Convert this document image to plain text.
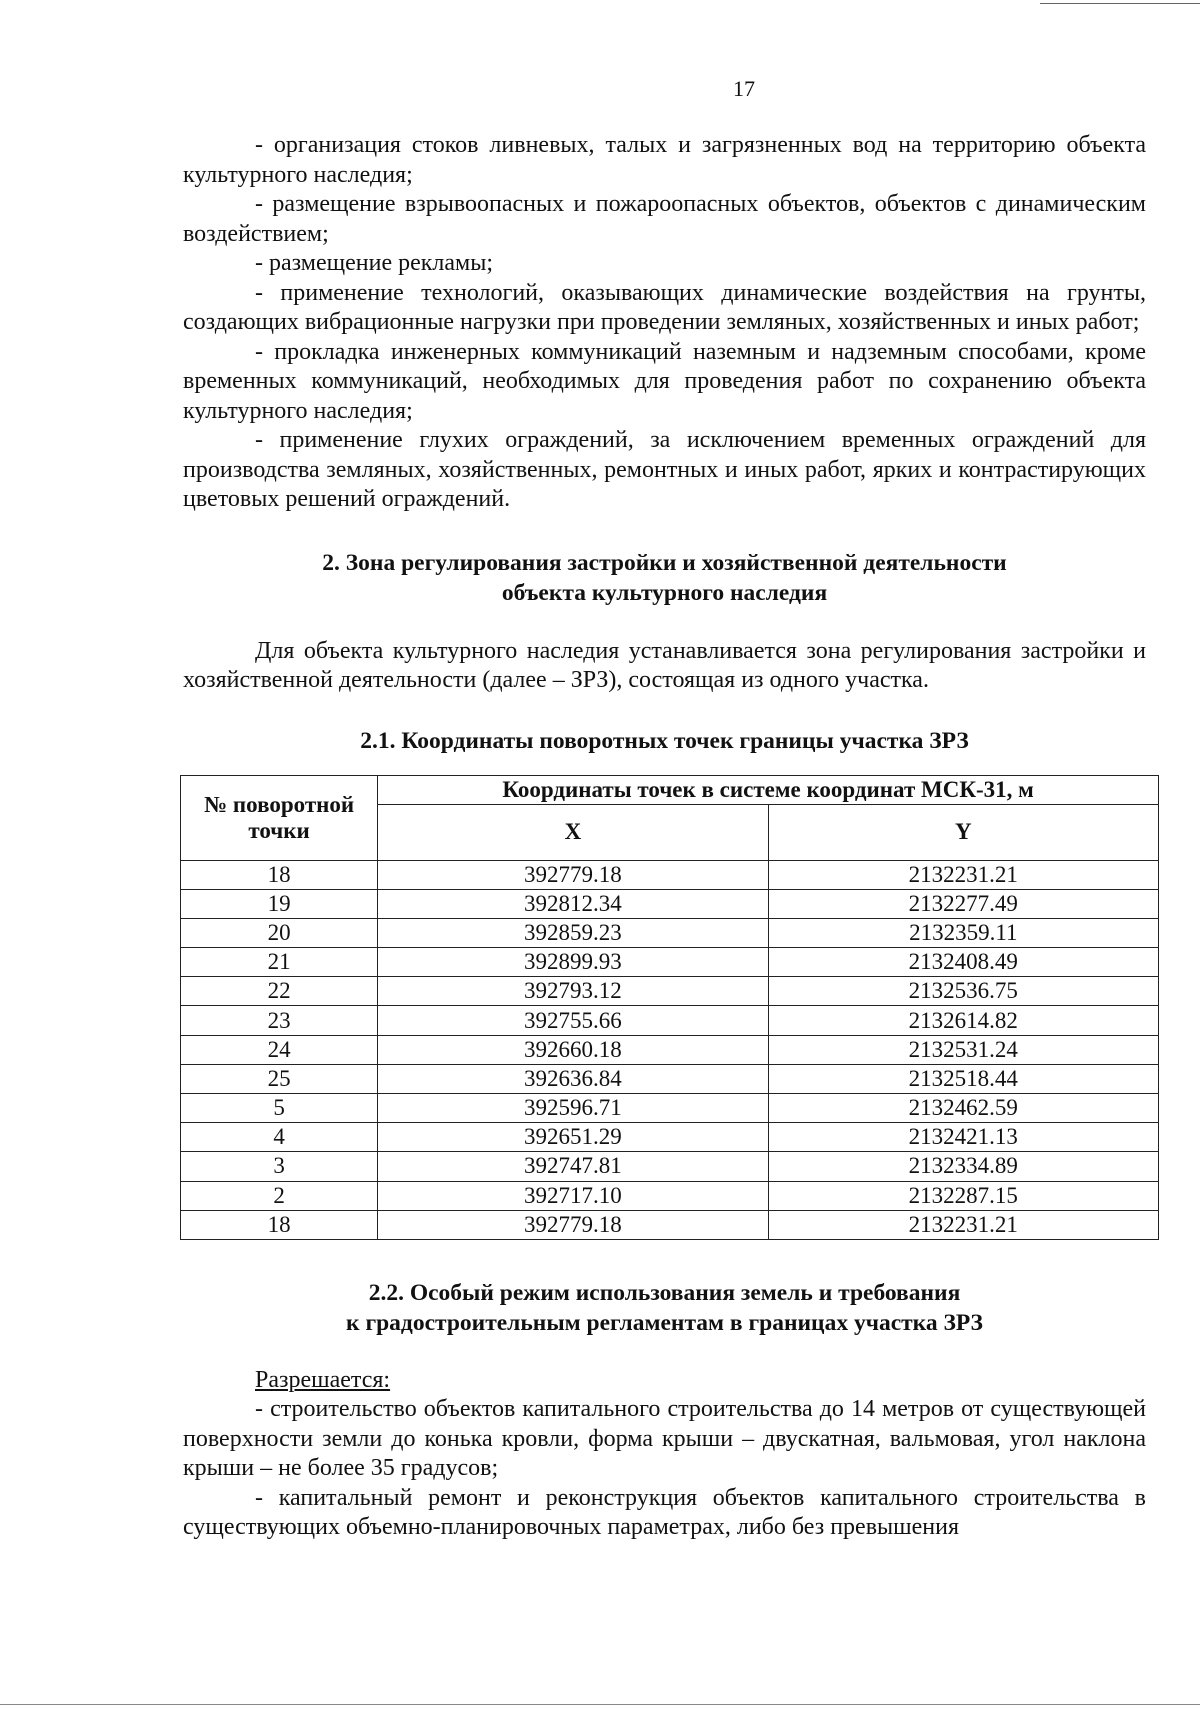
17

- организация стоков ливневых, талых и загрязненных вод на территорию объекта культурного наследия;

- размещение взрывоопасных и пожароопасных объектов, объектов с динамическим воздействием;

- размещение рекламы;

- применение технологий, оказывающих динамические воздействия на грунты, создающих вибрационные нагрузки при проведении земляных, хозяйственных и иных работ;

- прокладка инженерных коммуникаций наземным и надземным способами, кроме временных коммуникаций, необходимых для проведения работ по сохранению объекта культурного наследия;

- применение глухих ограждений, за исключением временных ограждений для производства земляных, хозяйственных, ремонтных и иных работ, ярких и контрастирующих цветовых решений ограждений.

2. Зона регулирования застройки и хозяйственной деятельности
объекта культурного наследия

Для объекта культурного наследия устанавливается зона регулирования застройки и хозяйственной деятельности (далее – ЗРЗ), состоящая из одного участка.

2.1. Координаты поворотных точек границы участка ЗРЗ

№ поворотной точки	Координаты точек в системе координат МСК-31, м	
	X	Y
18	392779.18	2132231.21
19	392812.34	2132277.49
20	392859.23	2132359.11
21	392899.93	2132408.49
22	392793.12	2132536.75
23	392755.66	2132614.82
24	392660.18	2132531.24
25	392636.84	2132518.44
5	392596.71	2132462.59
4	392651.29	2132421.13
3	392747.81	2132334.89
2	392717.10	2132287.15
18	392779.18	2132231.21

2.2. Особый режим использования земель и требования
к градостроительным регламентам в границах участка ЗРЗ

Разрешается:

- строительство объектов капитального строительства до 14 метров от существующей поверхности земли до конька кровли, форма крыши – двускатная, вальмовая, угол наклона крыши – не более 35 градусов;

- капитальный ремонт и реконструкция объектов капитального строительства в существующих объемно-планировочных параметрах, либо без превышения
